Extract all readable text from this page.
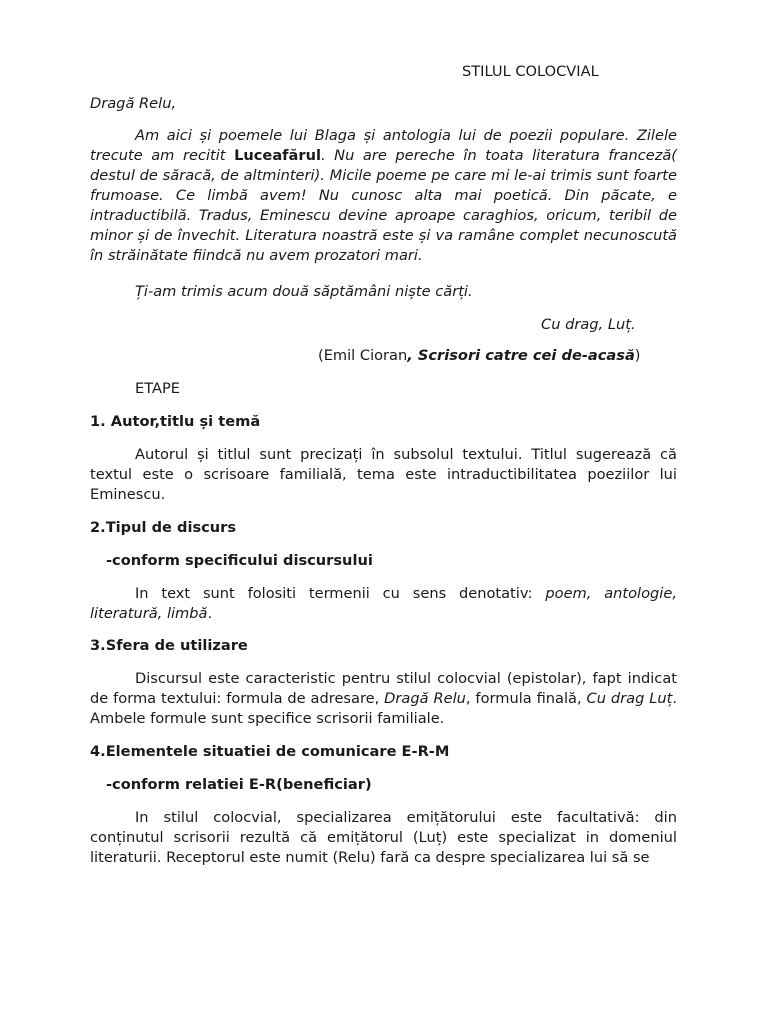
STILUL COLOCVIAL

Dragă Relu,

Am aici și poemele lui Blaga și antologia lui de poezii populare. Zilele trecute am recitit Luceafărul. Nu are pereche în toata literatura franceză( destul de săracă, de altminteri). Micile poeme pe care mi le-ai trimis sunt foarte frumoase. Ce limbă avem! Nu cunosc alta mai poetică. Din păcate, e intraductibilă. Tradus, Eminescu devine aproape caraghios, oricum, teribil de minor și de învechit. Literatura noastră este și va ramâne complet necunoscută în străinătate fiindcă nu avem prozatori mari.

Ți-am trimis acum două săptămâni niște cărți.

Cu drag, Luț.

(Emil Cioran, Scrisori catre cei de-acasă)

ETAPE

1. Autor,titlu și temă

Autorul și titlul sunt precizați în subsolul textului. Titlul sugerează că textul este o scrisoare familială, tema este intraductibilitatea poeziilor lui Eminescu.

2.Tipul de discurs

-conform specificului discursului

In text sunt folositi termenii cu sens denotativ: poem, antologie, literatură, limbă.

3.Sfera de utilizare

Discursul este caracteristic pentru stilul colocvial (epistolar), fapt indicat de forma textului: formula de adresare, Dragă Relu, formula finală, Cu drag Luț. Ambele formule sunt specifice scrisorii familiale.

4.Elementele situatiei de comunicare E-R-M

-conform relatiei E-R(beneficiar)

In stilul colocvial, specializarea emițătorului este facultativă: din conținutul scrisorii rezultă că emițătorul (Luț) este specializat in domeniul literaturii. Receptorul este numit (Relu) fară ca despre specializarea lui să se
